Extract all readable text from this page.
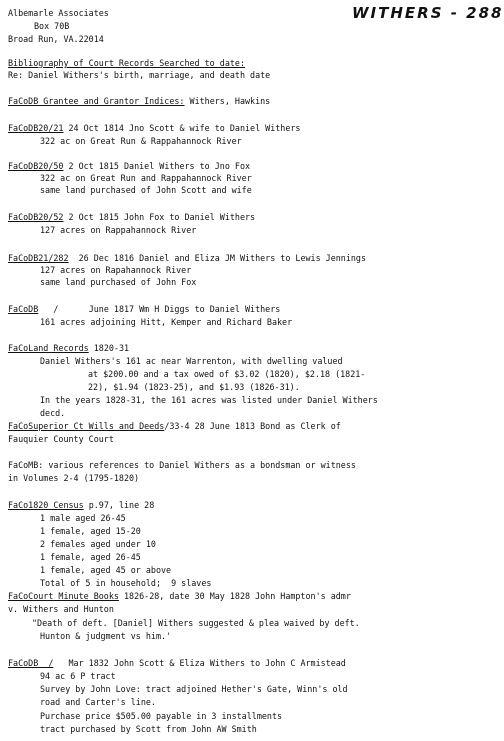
WITHERS - 288
Albemarle Associates
Box 70B
Broad Run, VA.22014
Bibliography of Court Records Searched to date:
Re: Daniel Withers's birth, marriage, and death date
FaCoDB Grantee and Grantor Indices: Withers, Hawkins
FaCoDB20/21 24 Oct 1814 Jno Scott & wife to Daniel Withers
322 ac on Great Run & Rappahannock River
FaCoDB20/50 2 Oct 1815 Daniel Withers to Jno Fox
322 ac on Great Run and Rappahannock River
same land purchased of John Scott and wife
FaCoDB20/52 2 Oct 1815 John Fox to Daniel Withers
127 acres on Rappahannock River
FaCoDB21/282 26 Dec 1816 Daniel and Eliza JM Withers to Lewis Jennings
127 acres on Rapahannock River
same land purchased of John Fox
FaCoDB /      June 1817 Wm H Diggs to Daniel Withers
161 acres adjoining Hitt, Kemper and Richard Baker
FaCoLand Records 1820-31
Daniel Withers's 161 ac near Warrenton, with dwelling valued
at $200.00 and a tax owed of $3.02 (1820), $2.18 (1821-
22), $1.94 (1823-25), and $1.93 (1826-31).
In the years 1828-31, the 161 acres was listed under Daniel Withers
decd.
FaCoSuperior Ct Wills and Deeds/33-4 28 June 1813 Bond as Clerk of
Fauquier County Court
FaCoMB: various references to Daniel Withers as a bondsman or witness
in Volumes 2-4 (1795-1820)
FaCo1820 Census p.97, line 28
1 male aged 26-45
1 female, aged 15-20
2 females aged under 10
1 female, aged 26-45
1 female, aged 45 or above
Total of 5 in household;  9 slaves
FaCoCourt Minute Books 1826-28, date 30 May 1828 John Hampton's admr
v. Withers and Hunton
"Death of deft. [Daniel] Withers suggested & plea waived by deft.
Hunton & judgment vs him.'
FaCoDB  /   Mar 1832 John Scott & Eliza Withers to John C Armistead
94 ac 6 P tract
Survey by John Love: tract adjoined Hether's Gate, Winn's old
road and Carter's line.
Purchase price $505.00 payable in 3 installments
tract purchased by Scott from John AW Smith
